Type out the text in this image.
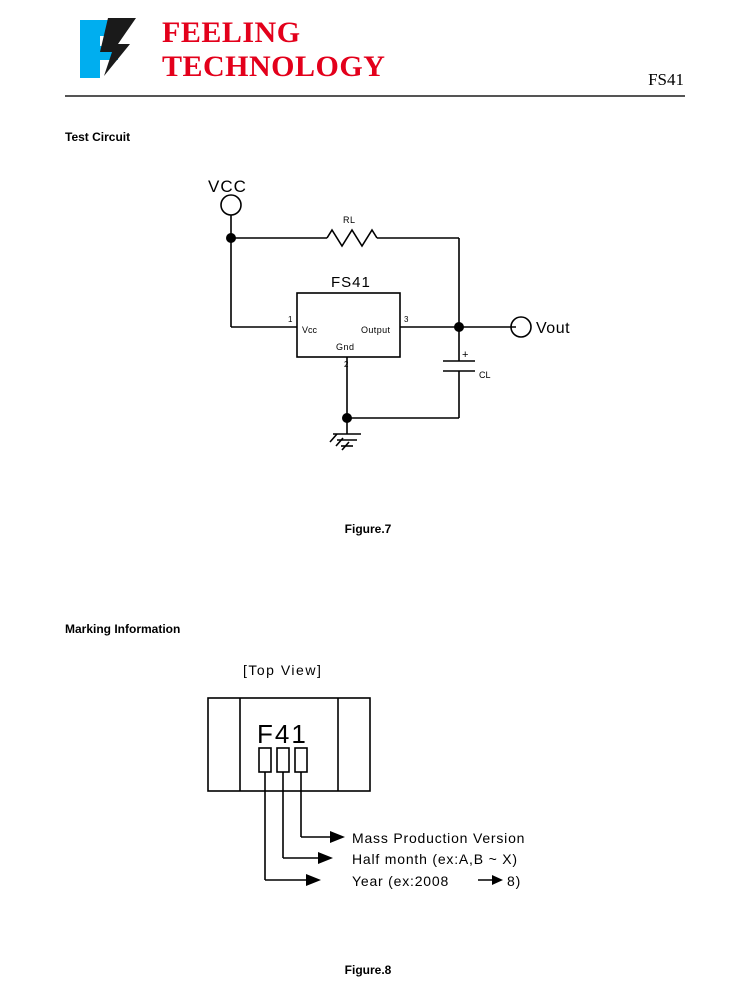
FEELING
TECHNOLOGY	FS41
Test Circuit
VCC
RL
FS41
1
Vcc
Gnd
2
Output
3
Vout
+
CL
Figure.7
Marking Information
[Top View]
F41
Mass Production Version
Half month (ex:A,B ~ X)
Year (ex:2008	8)
Figure.8
